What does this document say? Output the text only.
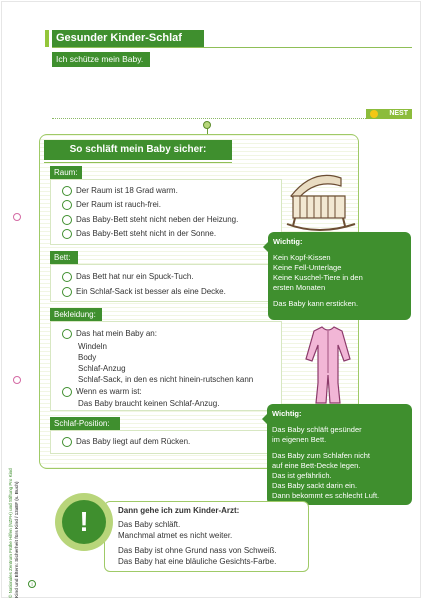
Gesunder Kinder-Schlaf
Ich schütze mein Baby.
NEST
So schläft mein Baby sicher:
Raum:
Der Raum ist 18 Grad warm.
Der Raum ist rauch-frei.
Das Baby-Bett steht nicht neben der Heizung.
Das Baby-Bett steht nicht in der Sonne.
Bett:
Das Bett hat nur ein Spuck-Tuch.
Ein Schlaf-Sack ist besser als eine Decke.
Bekleidung:
Das hat mein Baby an:
Windeln
Body
Schlaf-Anzug
Schlaf-Sack, in den es nicht hinein-rutschen kann
Wenn es warm ist:
Das Baby braucht keinen Schlaf-Anzug.
Schlaf-Position:
Das Baby liegt auf dem Rücken.
Wichtig:

Kein Kopf-Kissen

Keine Fell-Unterlage

Keine Kuschel-Tiere in den

ersten Monaten

Das Baby kann ersticken.

Wichtig:

Das Baby schläft gesünder

im eigenen Bett.

Das Baby zum Schlafen nicht

auf eine Bett-Decke legen.

Das ist gefährlich.

Das Baby sackt darin ein.

Dann bekommt es schlecht Luft.

!	Dann gehe ich zum Kinder-Arzt:
Das Baby schläft.
Manchmal atmet es nicht weiter.
Das Baby ist ohne Grund nass von Schweiß.
Das Baby hat eine bläuliche Gesichts-Farbe.
© Nationales Zentrum Frühe Hilfen (NZFH) und Stiftung Pro Kind Kind und Eltern: Sicherheit fürs Kind / 13aEF (s. Buch)	i
